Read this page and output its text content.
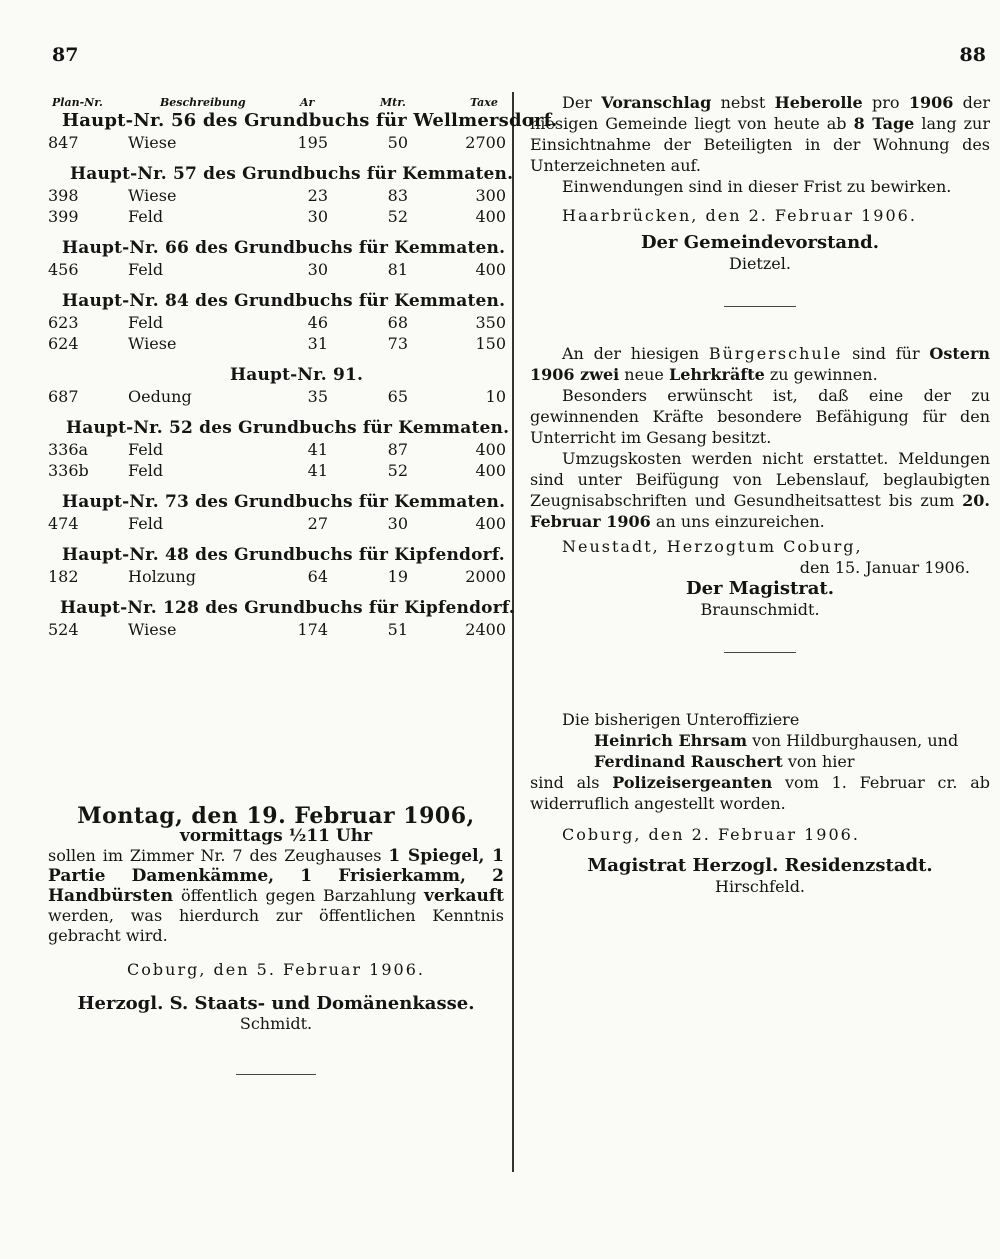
87	88
Plan-Nr.	Beschreibung	Ar	Mtr.	Taxe
Haupt-Nr. 56 des Grundbuchs für Wellmersdorf.
847	Wiese	195	50	2700
Haupt-Nr. 57 des Grundbuchs für Kemmaten.
398	Wiese	23	83	300
399	Feld	30	52	400
Haupt-Nr. 66 des Grundbuchs für Kemmaten.
456	Feld	30	81	400
Haupt-Nr. 84 des Grundbuchs für Kemmaten.
623	Feld	46	68	350
624	Wiese	31	73	150
Haupt-Nr. 91.
687	Oedung	35	65	10
Haupt-Nr. 52 des Grundbuchs für Kemmaten.
336a Feld	41	87	400
336b Feld	41	52	400
Haupt-Nr. 73 des Grundbuchs für Kemmaten.
474	Feld	27	30	400
Haupt-Nr. 48 des Grundbuchs für Kipfendorf.
182	Holzung	64	19	2000
Haupt-Nr. 128 des Grundbuchs für Kipfendorf.
524	Wiese	174	51	2400
Montag, den 19. Februar 1906,
vormittags ½11 Uhr
sollen im Zimmer Nr. 7 des Zeughauses 1 Spiegel, 1 Partie Damenkämme, 1 Frisierkamm, 2 Handbürsten öffentlich gegen Barzahlung verkauft werden, was hierdurch zur öffentlichen Kenntnis gebracht wird.
Coburg, den 5. Februar 1906.
Herzogl. S. Staats- und Domänenkasse.
Schmidt.
Der Voranschlag nebst Heberolle pro 1906 der hiesigen Gemeinde liegt von heute ab 8 Tage lang zur Einsichtnahme der Beteiligten in der Wohnung des Unterzeichneten auf.
Einwendungen sind in dieser Frist zu bewirken.
Haarbrücken, den 2. Februar 1906.
Der Gemeindevorstand.
Dietzel.
An der hiesigen Bürgerschule sind für Ostern 1906 zwei neue Lehrkräfte zu gewinnen.
Besonders erwünscht ist, daß eine der zu gewinnenden Kräfte besondere Befähigung für den Unterricht im Gesang besitzt.
Umzugskosten werden nicht erstattet. Meldungen sind unter Beifügung von Lebenslauf, beglaubigten Zeugnisabschriften und Gesundheitsattest bis zum 20. Februar 1906 an uns einzureichen.
Neustadt, Herzogtum Coburg,
den 15. Januar 1906.
Der Magistrat.
Braunschmidt.
Die bisherigen Unteroffiziere
Heinrich Ehrsam von Hildburghausen, und
Ferdinand Rauschert von hier
sind als Polizeisergeanten vom 1. Februar cr. ab widerruflich angestellt worden.
Coburg, den 2. Februar 1906.
Magistrat Herzogl. Residenzstadt.
Hirschfeld.
